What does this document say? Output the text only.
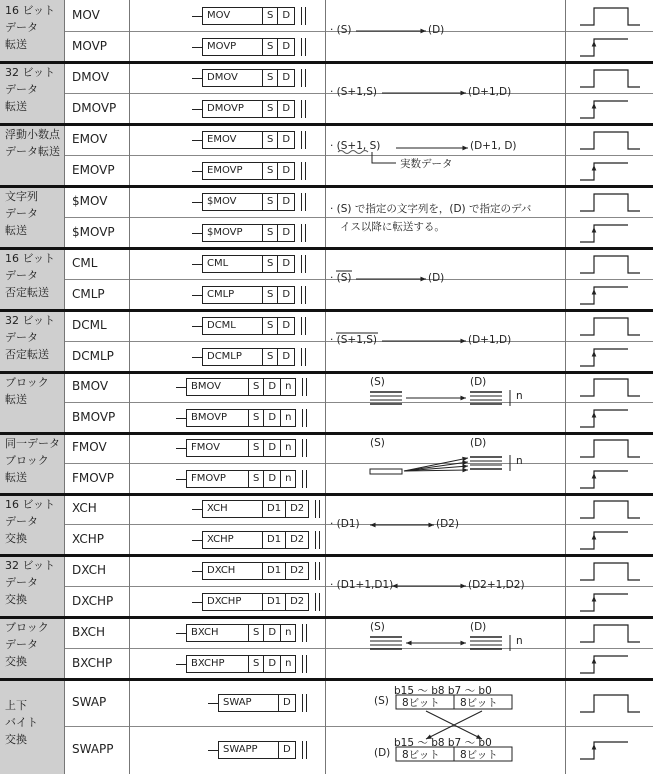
16 ビット
データ
転送
MOV	MOV	S D
MOVP	MOVP	S D
· (S)	(D)
32 ビット
データ
転送
DMOV	DMOV	S D
DMOVP	DMOVP	S D
· (S+1,S)	(D+1,D)
浮動小数点
データ転送
EMOV	EMOV	S D
EMOVP	EMOVP	S D
· (S+1, S)	(D+1, D)
実数データ
文字列
データ
転送
$MOV	$MOV	S D
$MOVP	$MOVP	S D
· (S) で指定の文字列を，(D) で指定のデバ
イス以降に転送する。
16 ビット
データ
否定転送
CML	CML	S D
CMLP	CMLP	S D
· (S)	(D)
32 ビット
データ
否定転送
DCML	DCML	S D
DCMLP	DCMLP	S D
· (S+1,S)	(D+1,D)
ブロック
転送
BMOV	BMOV	S D n
BMOVP	BMOVP	S D n
(S)	(D)
n
同一データ
ブロック
転送
FMOV	FMOV	S D n
FMOVP	FMOVP	S D n
(S)	(D)
n
16 ビット
データ
交換
XCH	XCH	D1 D2
XCHP	XCHP	D1 D2
· (D1)	(D2)
32 ビット
データ
交換
DXCH	DXCH	D1 D2
DXCHP	DXCHP	D1 D2
· (D1+1,D1)	(D2+1,D2)
ブロック
データ
交換
BXCH	BXCH	S D n
BXCHP	BXCHP	S D n
(S)	(D)
n
上下
バイト
交換
SWAP	SWAP	D
SWAPP	SWAPP	D
b15 〜 b8 b7 〜 b0
(S) 8ビット 8ビット
b15 〜 b8 b7 〜 b0
(D) 8ビット 8ビット
